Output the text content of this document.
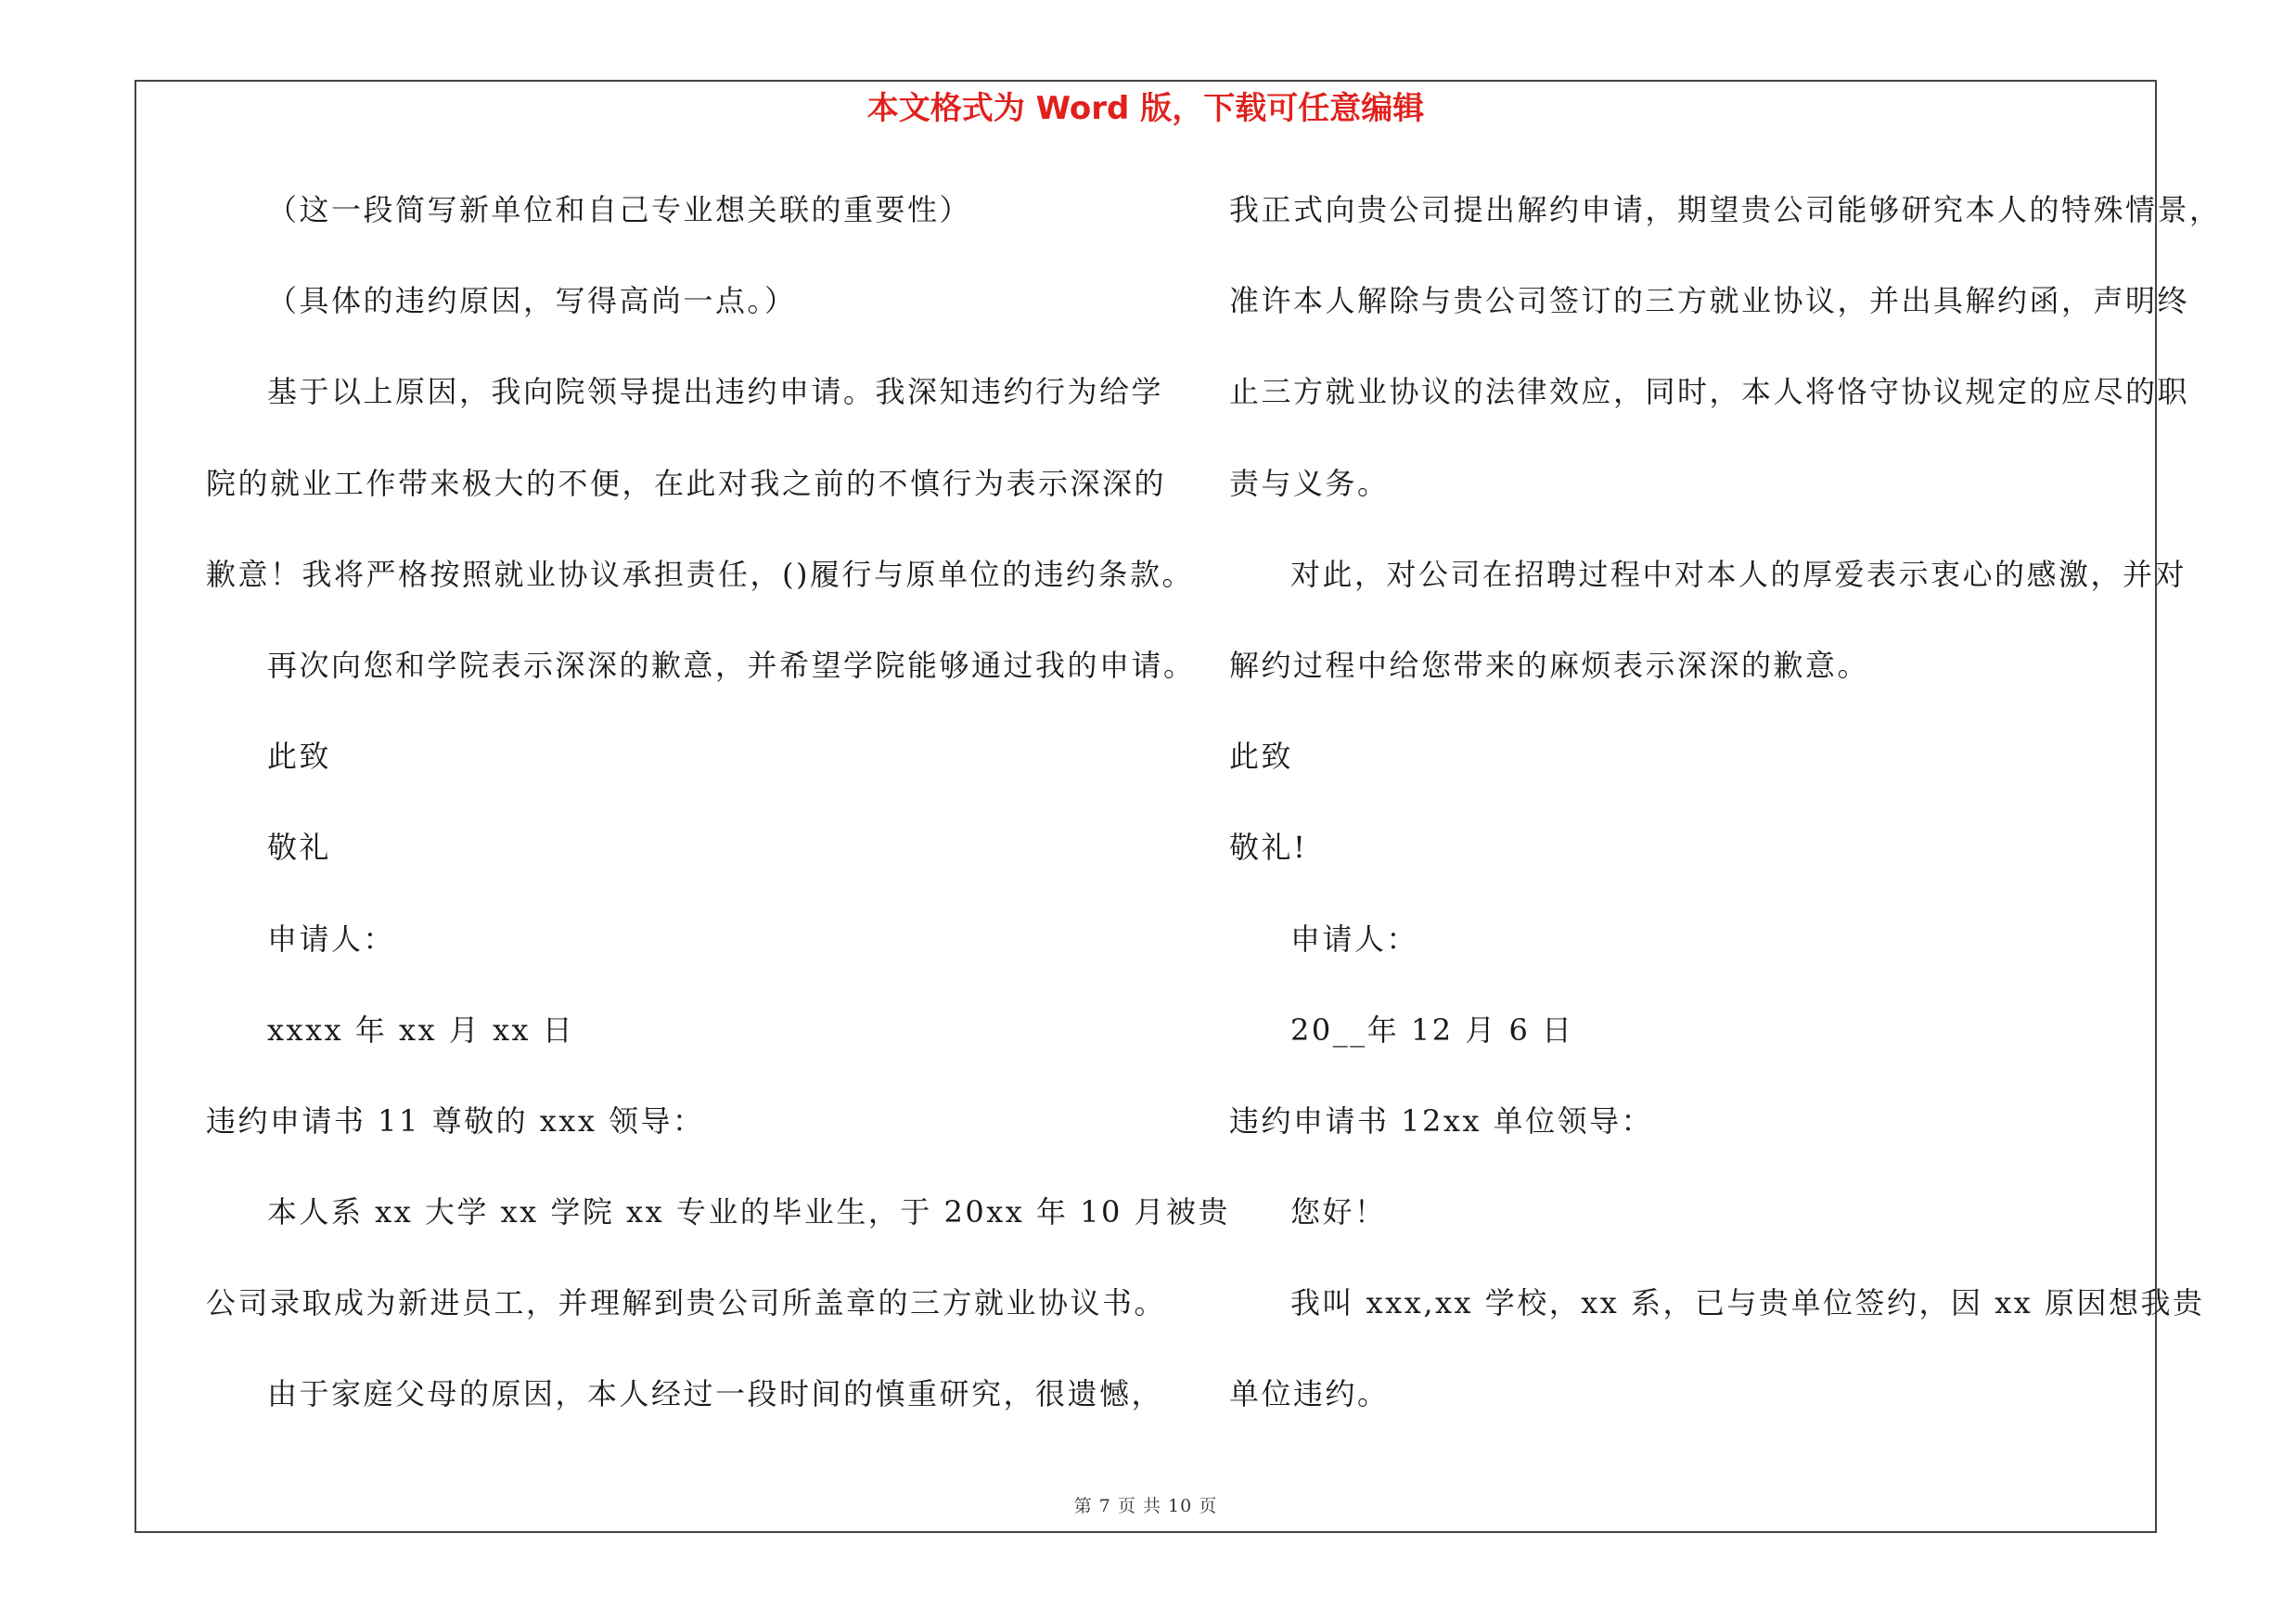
本文格式为 Word 版，下载可任意编辑
（这一段简写新单位和自己专业想关联的重要性）
（具体的违约原因，写得高尚一点。）
基于以上原因，我向院领导提出违约申请。我深知违约行为给学
院的就业工作带来极大的不便，在此对我之前的不慎行为表示深深的
歉意！我将严格按照就业协议承担责任，()履行与原单位的违约条款。
再次向您和学院表示深深的歉意，并希望学院能够通过我的申请。
此致
敬礼
申请人：
xxxx 年 xx 月 xx 日
违约申请书 11 尊敬的 xxx 领导：
本人系 xx 大学 xx 学院 xx 专业的毕业生，于 20xx 年 10 月被贵
公司录取成为新进员工，并理解到贵公司所盖章的三方就业协议书。
由于家庭父母的原因，本人经过一段时间的慎重研究，很遗憾，
我正式向贵公司提出解约申请，期望贵公司能够研究本人的特殊情景，
准许本人解除与贵公司签订的三方就业协议，并出具解约函，声明终
止三方就业协议的法律效应，同时，本人将恪守协议规定的应尽的职
责与义务。
对此，对公司在招聘过程中对本人的厚爱表示衷心的感激，并对
解约过程中给您带来的麻烦表示深深的歉意。
此致
敬礼!
申请人：
20__年 12 月 6 日
违约申请书 12xx 单位领导：
您好！
我叫 xxx,xx 学校，xx 系，已与贵单位签约，因 xx 原因想我贵
单位违约。
第 7 页 共 10 页
